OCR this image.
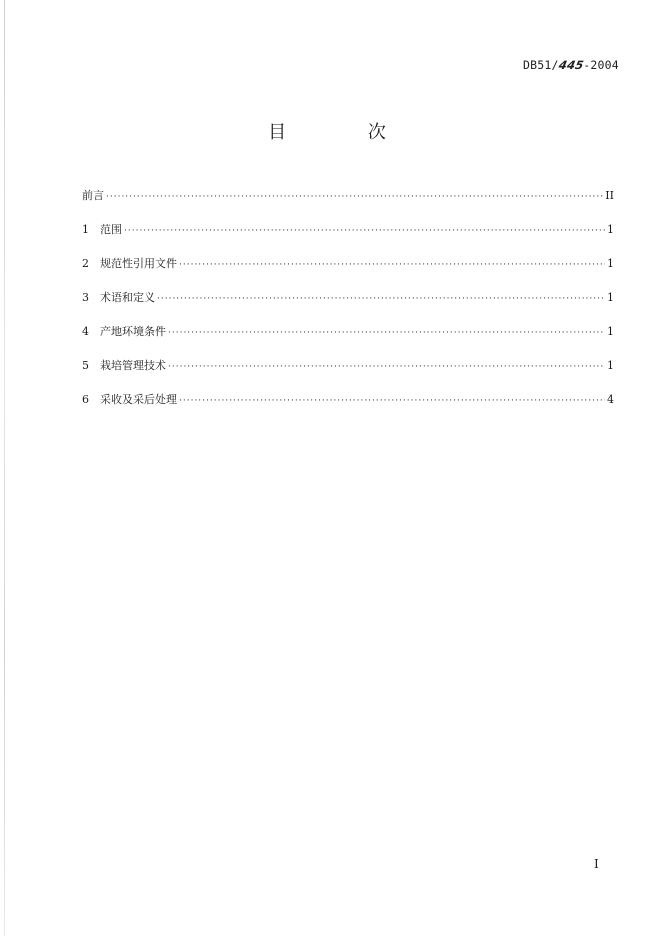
DB51/445-2004
目 次
前言 ·····	II
1	范围 ·····	1
2	规范性引用文件 ·····	1
3	术语和定义 ·····	1
4	产地环境条件 ·····	1
5	栽培管理技术 ·····	1
6	采收及采后处理 ·····	4
I
